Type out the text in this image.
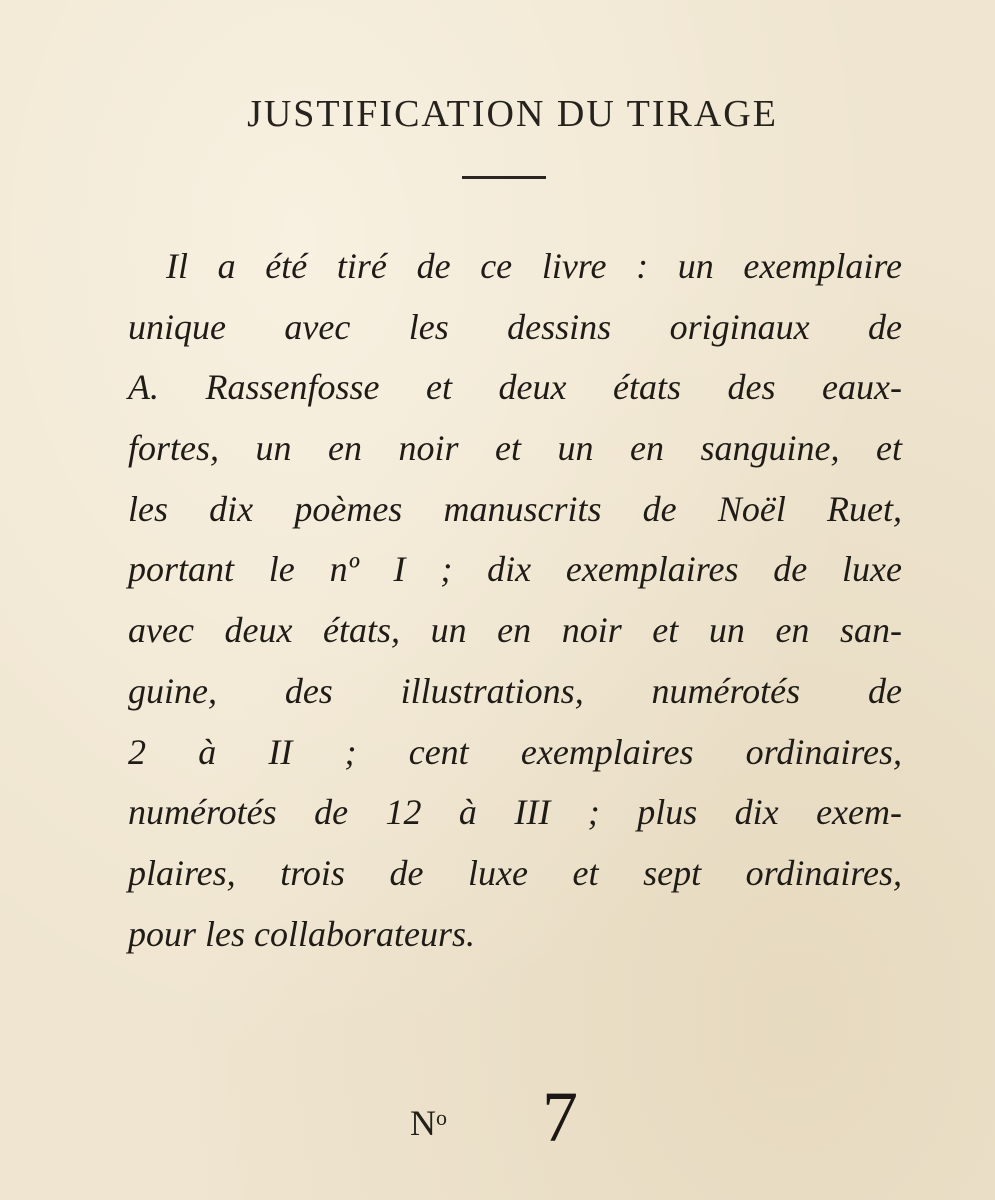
JUSTIFICATION DU TIRAGE
Il a été tiré de ce livre : un exemplaire
unique avec les dessins originaux de
A. Rassenfosse et deux états des eaux-
fortes, un en noir et un en sanguine, et
les dix poèmes manuscrits de Noël Ruet,
portant le nº I ; dix exemplaires de luxe
avec deux états, un en noir et un en san-
guine, des illustrations, numérotés de
2 à II ; cent exemplaires ordinaires,
numérotés de 12 à III ; plus dix exem-
plaires, trois de luxe et sept ordinaires,
pour les collaborateurs.
$N^o$ 7
